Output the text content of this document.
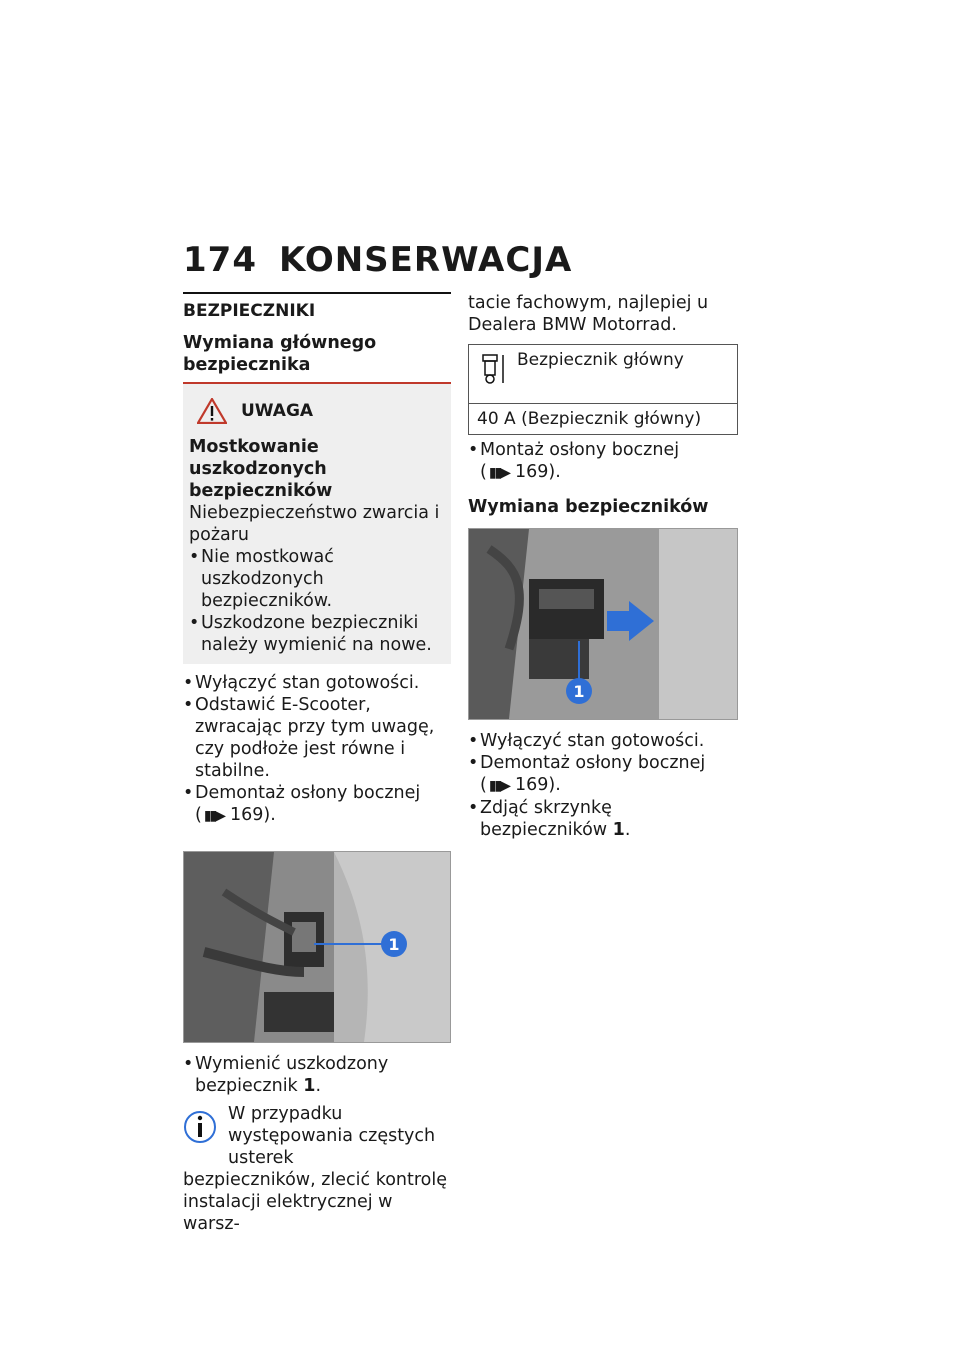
174 KONSERWACJA
BEZPIECZNIKI
Wymiana głównego bezpiecznika
UWAGA
Mostkowanie uszkodzonych bezpieczników
Niebezpieczeństwo zwarcia i pożaru
• Nie mostkować uszkodzonych bezpieczników.
• Uszkodzone bezpieczniki należy wymienić na nowe.
• Wyłączyć stan gotowości.
• Odstawić E-Scooter, zwracając przy tym uwagę, czy podłoże jest równe i stabilne.
• Demontaż osłony bocznej
( ▮▮▶ 169).
1
• Wymienić uszkodzony bezpiecznik 1.

W przypadku występowania częstych usterek
bezpieczników, zlecić kontrolę instalacji elektrycznej w warsz-

tacie fachowym, najlepiej u Dealera BMW Motorrad.
Bezpiecznik główny
40 A (Bezpiecznik główny)
• Montaż osłony bocznej
( ▮▮▶ 169).
Wymiana bezpieczników
1
• Wyłączyć stan gotowości.
• Demontaż osłony bocznej
( ▮▮▶ 169).
• Zdjąć skrzynkę bezpieczników 1.
